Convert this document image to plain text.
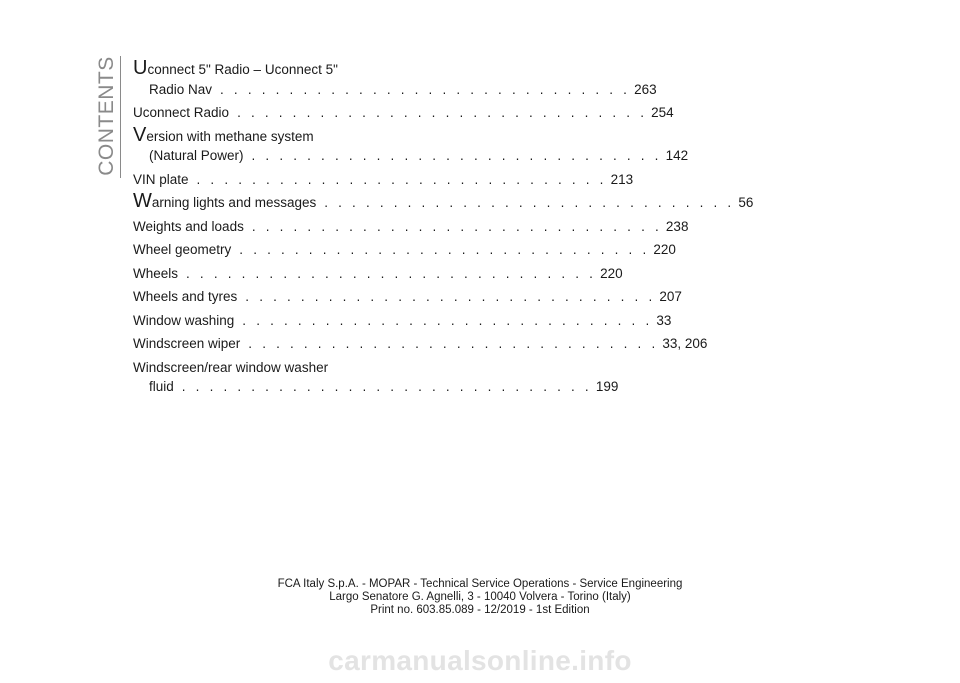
CONTENTS U connect 5" Radio – Uconnect 5"
Radio Nav . . . . . . . . . . . . . . . . . . . . . . . . . . . . . . 263
Uconnect Radio . . . . . . . . . . . . . . . . . . . . . . . . . . . . . . 254
V ersion with methane system
(Natural Power) . . . . . . . . . . . . . . . . . . . . . . . . . . . . . . 142
VIN plate . . . . . . . . . . . . . . . . . . . . . . . . . . . . . . 213
W arning lights and messages . . . . . . . . . . . . . . . . . . . . . . . . . . . . . . 56
Weights and loads . . . . . . . . . . . . . . . . . . . . . . . . . . . . . . 238
Wheel geometry . . . . . . . . . . . . . . . . . . . . . . . . . . . . . . 220
Wheels . . . . . . . . . . . . . . . . . . . . . . . . . . . . . . 220
Wheels and tyres . . . . . . . . . . . . . . . . . . . . . . . . . . . . . . 207
Window washing . . . . . . . . . . . . . . . . . . . . . . . . . . . . . . 33
Windscreen wiper . . . . . . . . . . . . . . . . . . . . . . . . . . . . . . 33, 206
Windscreen/rear window washer
fluid . . . . . . . . . . . . . . . . . . . . . . . . . . . . . . 199
FCA Italy S.p.A. - MOPAR - Technical Service Operations - Service Engineering
Largo Senatore G. Agnelli, 3 - 10040 Volvera - Torino (Italy)
Print no. 603.85.089 - 12/2019 - 1st Edition
carmanualsonline.info
